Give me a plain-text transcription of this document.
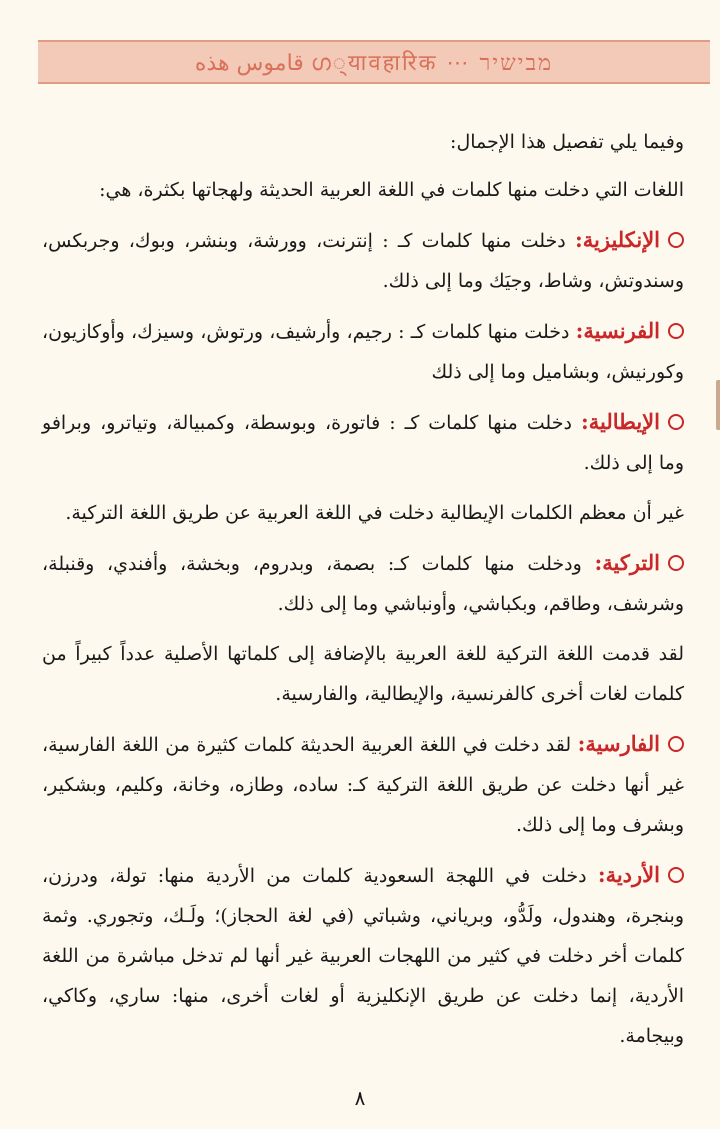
قاموس هذه ഗ्यावहारिक ⋯ מבישיר

وفيما يلي تفصيل هذا الإجمال:

اللغات التي دخلت منها كلمات في اللغة العربية الحديثة ولهجاتها بكثرة، هي:

الإنكليزية: دخلت منها كلمات كـ : إنترنت، وورشة، وبنشر، وبوك، وجربكس، وسندوتش، وشاط، وجيَك وما إلى ذلك.
الفرنسية: دخلت منها كلمات كـ : رجيم، وأرشيف، ورتوش، وسيزك، وأوكازيون، وكورنيش، وبشاميل وما إلى ذلك
الإيطالية: دخلت منها كلمات كـ : فاتورة، وبوسطة، وكمبيالة، وتياترو، وبرافو وما إلى ذلك.

غير أن معظم الكلمات الإيطالية دخلت في اللغة العربية عن طريق اللغة التركية.

التركية: ودخلت منها كلمات كـ: بصمة، وبدروم، وبخشة، وأفندي، وقنبلة، وشرشف، وطاقم، وبكباشي، وأونباشي وما إلى ذلك.

لقد قدمت اللغة التركية للغة العربية بالإضافة إلى كلماتها الأصلية عدداً كبيراً من كلمات لغات أخرى كالفرنسية، والإيطالية، والفارسية.

الفارسية: لقد دخلت في اللغة العربية الحديثة كلمات كثيرة من اللغة الفارسية، غير أنها دخلت عن طريق اللغة التركية كـ: ساده، وطازه، وخانة، وكليم، وبشكير، وبشرف وما إلى ذلك.
الأردية: دخلت في اللهجة السعودية كلمات من الأردية منها: تولة، ودرزن، وبنجرة، وهندول، ولَدُّو، وبرياني، وشباتي (في لغة الحجاز)؛ ولَـك، وتجوري. وثمة كلمات أخر دخلت في كثير من اللهجات العربية غير أنها لم تدخل مباشرة من اللغة الأردية، إنما دخلت عن طريق الإنكليزية أو لغات أخرى، منها: ساري، وكاكي، وبيجامة.
٨
